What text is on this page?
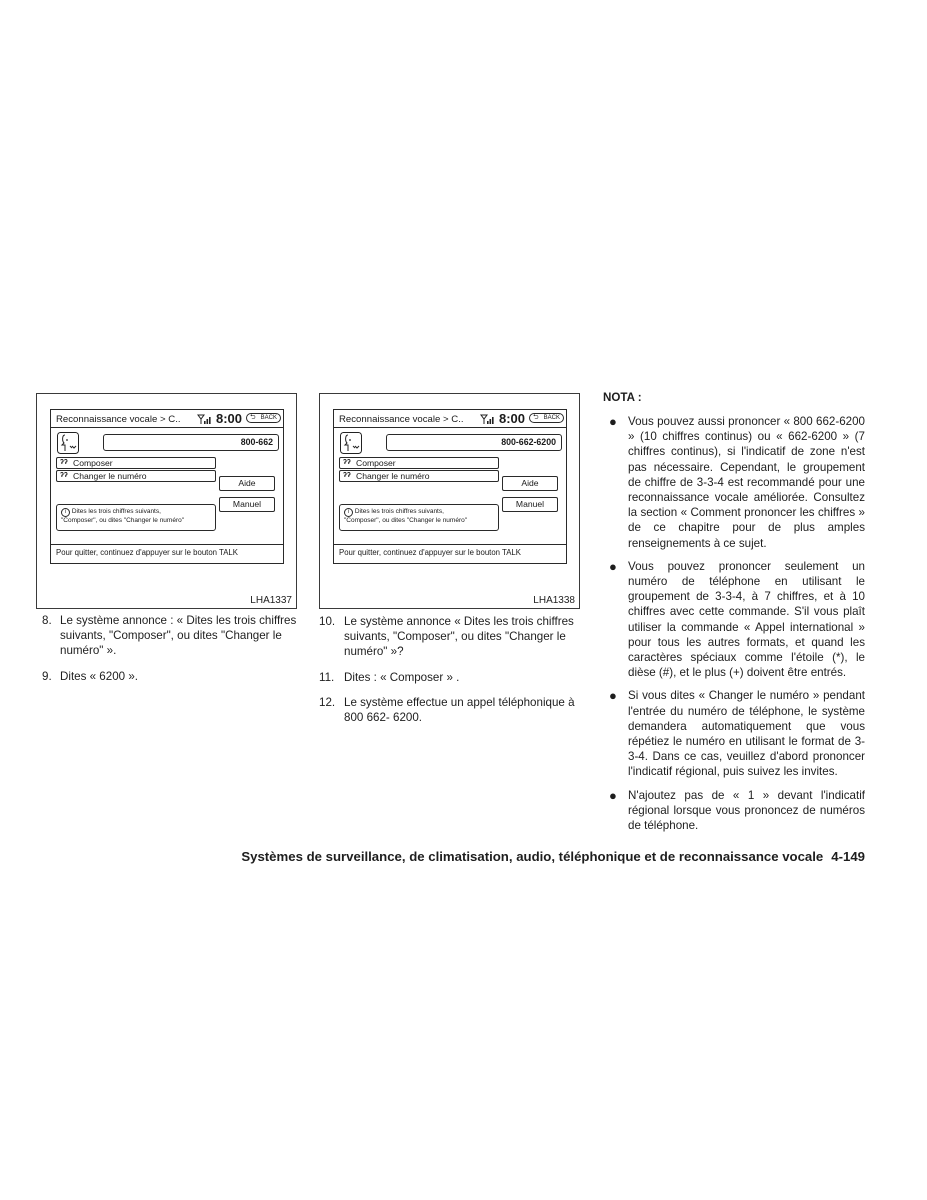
Reconnaissance vocale > C..	8:00 ⮌ BACK
800-662
ʔʔ Composer
ʔʔ Changer le numéro
Aide
Manuel
i Dites les trois chiffres suivants,
"Composer", ou dites "Changer le numéro"
Pour quitter, continuez d'appuyer sur le bouton TALK
LHA1337
Reconnaissance vocale > C..	8:00 ⮌ BACK
800-662-6200
ʔʔ Composer
ʔʔ Changer le numéro
Aide
Manuel
i Dites les trois chiffres suivants,
"Composer", ou dites "Changer le numéro"
Pour quitter, continuez d'appuyer sur le bouton TALK
LHA1338
8. Le système annonce : « Dites les trois chiffres suivants, "Composer", ou dites "Changer le numéro" ».
9. Dites « 6200 ».
10. Le système annonce « Dites les trois chiffres suivants, "Composer", ou dites "Changer le numéro" »?
11. Dites : « Composer » .
12. Le système effectue un appel téléphonique à 800 662- 6200.
NOTA :
● Vous pouvez aussi prononcer « 800 662-6200 » (10 chiffres continus) ou « 662-6200 » (7 chiffres continus), si l'indicatif de zone n'est pas nécessaire. Cependant, le groupement de chiffre de 3-3-4 est recommandé pour une reconnaissance vocale améliorée. Consultez la section « Comment prononcer les chiffres » de ce chapitre pour de plus amples renseignements à ce sujet.
● Vous pouvez prononcer seulement un numéro de téléphone en utilisant le groupement de 3-3-4, à 7 chiffres, et à 10 chiffres avec cette commande. S'il vous plaît utiliser la commande « Appel international » pour tous les autres formats, et quand les caractères spéciaux comme l'étoile (*), le dièse (#), et le plus (+) doivent être entrés.
● Si vous dites « Changer le numéro » pendant l'entrée du numéro de téléphone, le système demandera automatiquement que vous répétiez le numéro en utilisant le format de 3-3-4. Dans ce cas, veuillez d'abord prononcer l'indicatif régional, puis suivez les invites.
● N'ajoutez pas de « 1 » devant l'indicatif régional lorsque vous prononcez de numéros de téléphone.
Systèmes de surveillance, de climatisation, audio, téléphonique et de reconnaissance vocale 4-149
